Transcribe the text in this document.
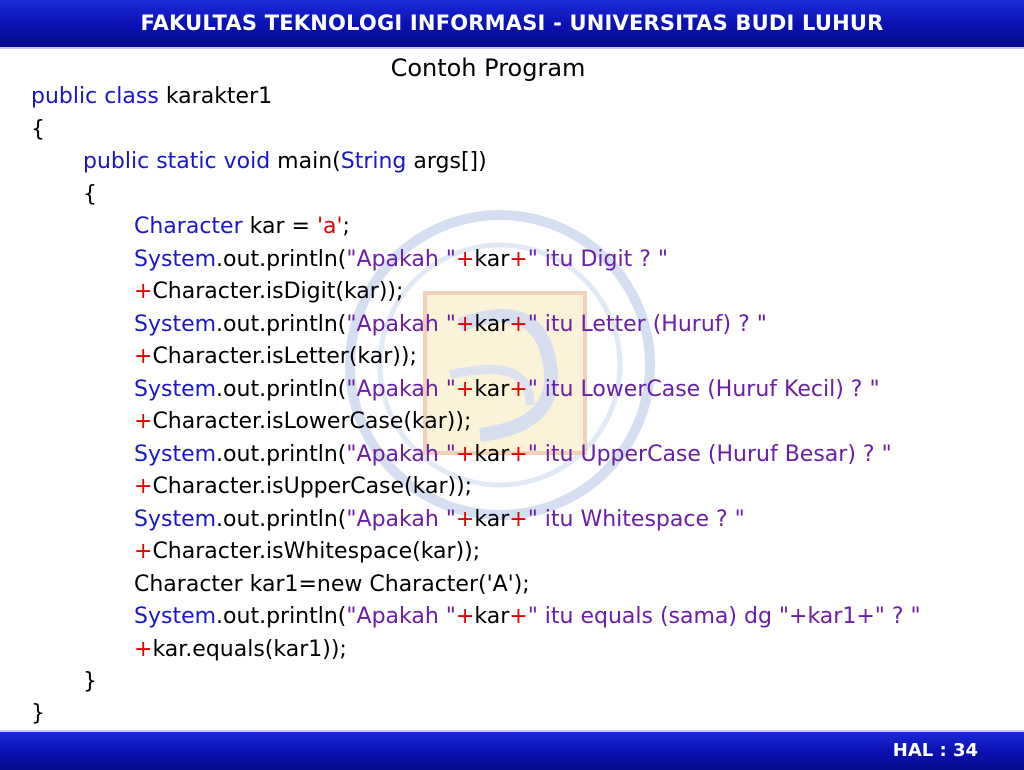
FAKULTAS TEKNOLOGI INFORMASI - UNIVERSITAS BUDI LUHUR
Contoh Program
public class karakter1
{
public static void main(String args[])
{
Character kar = 'a';
System.out.println("Apakah "+kar+" itu Digit ? "
+Character.isDigit(kar));
System.out.println("Apakah "+kar+" itu Letter (Huruf) ? "
+Character.isLetter(kar));
System.out.println("Apakah "+kar+" itu LowerCase (Huruf Kecil) ? "
+Character.isLowerCase(kar));
System.out.println("Apakah "+kar+" itu UpperCase (Huruf Besar) ? "
+Character.isUpperCase(kar));
System.out.println("Apakah "+kar+" itu Whitespace ? "
+Character.isWhitespace(kar));
Character kar1=new Character('A');
System.out.println("Apakah "+kar+" itu equals (sama) dg "+kar1+" ? "
+kar.equals(kar1));
}
}
HAL : 34
